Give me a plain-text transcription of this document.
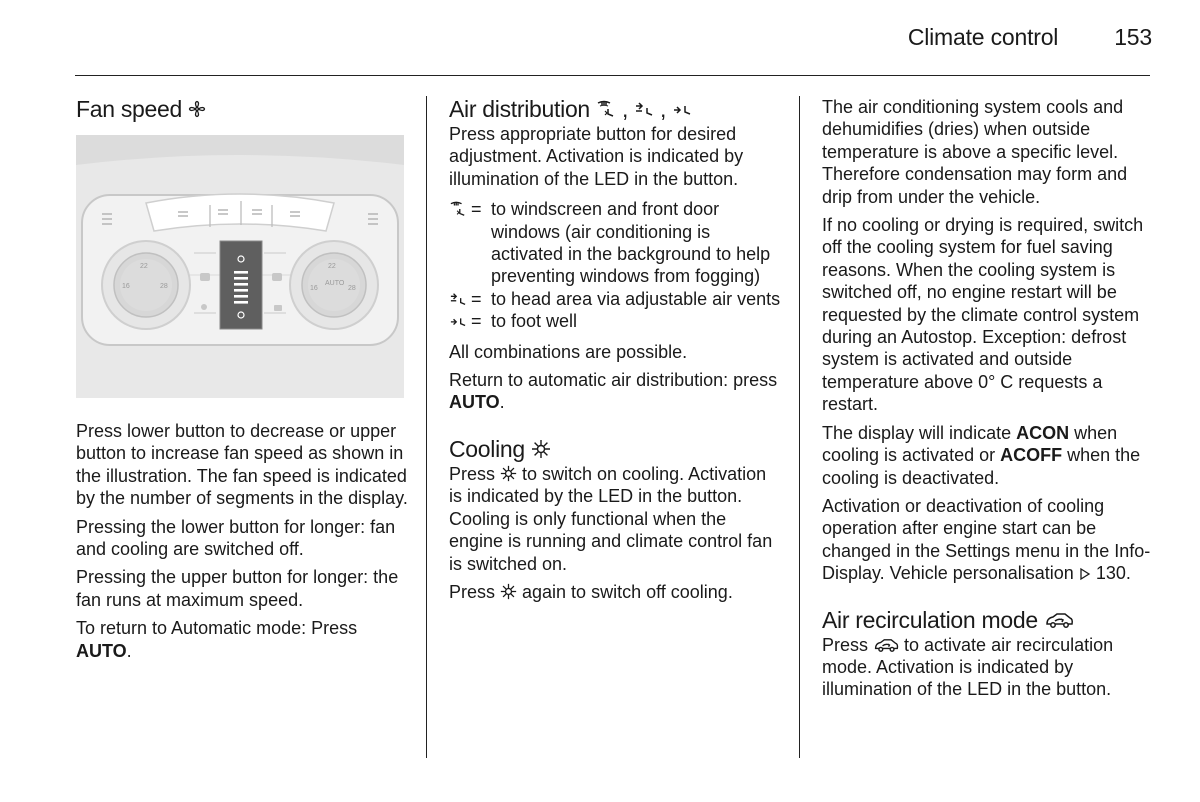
Climate control 153
Fan speed
22
16	28
22
AUTO
16	28

Press lower button to decrease or upper button to increase fan speed as shown in the illustration. The fan speed is indicated by the number of segments in the display.

Pressing the lower button for longer: fan and cooling are switched off.

Pressing the upper button for longer: the fan runs at maximum speed.

To return to Automatic mode: Press AUTO.

Air distribution , ,

Press appropriate button for desired adjustment. Activation is indicated by illumination of the LED in the button.

= to windscreen and front door windows (air conditioning is activated in the background to help preventing windows from fogging)
= to head area via adjustable air vents
= to foot well

All combinations are possible.

Return to automatic air distribution: press AUTO.

Cooling

Press  to switch on cooling. Activation is indicated by the LED in the button. Cooling is only functional when the engine is running and climate control fan is switched on.

Press  again to switch off cooling.

The air conditioning system cools and dehumidifies (dries) when outside temperature is above a specific level. Therefore condensation may form and drip from under the vehicle.

If no cooling or drying is required, switch off the cooling system for fuel saving reasons. When the cooling system is switched off, no engine restart will be requested by the climate control system during an Autostop. Exception: defrost system is activated and outside temperature above 0° C requests a restart.

The display will indicate ACON when cooling is activated or ACOFF when the cooling is deactivated.

Activation or deactivation of cooling operation after engine start can be changed in the Settings menu in the Info-Display. Vehicle personalisation  130.

Air recirculation mode

Press  to activate air recirculation mode. Activation is indicated by illumination of the LED in the button.
